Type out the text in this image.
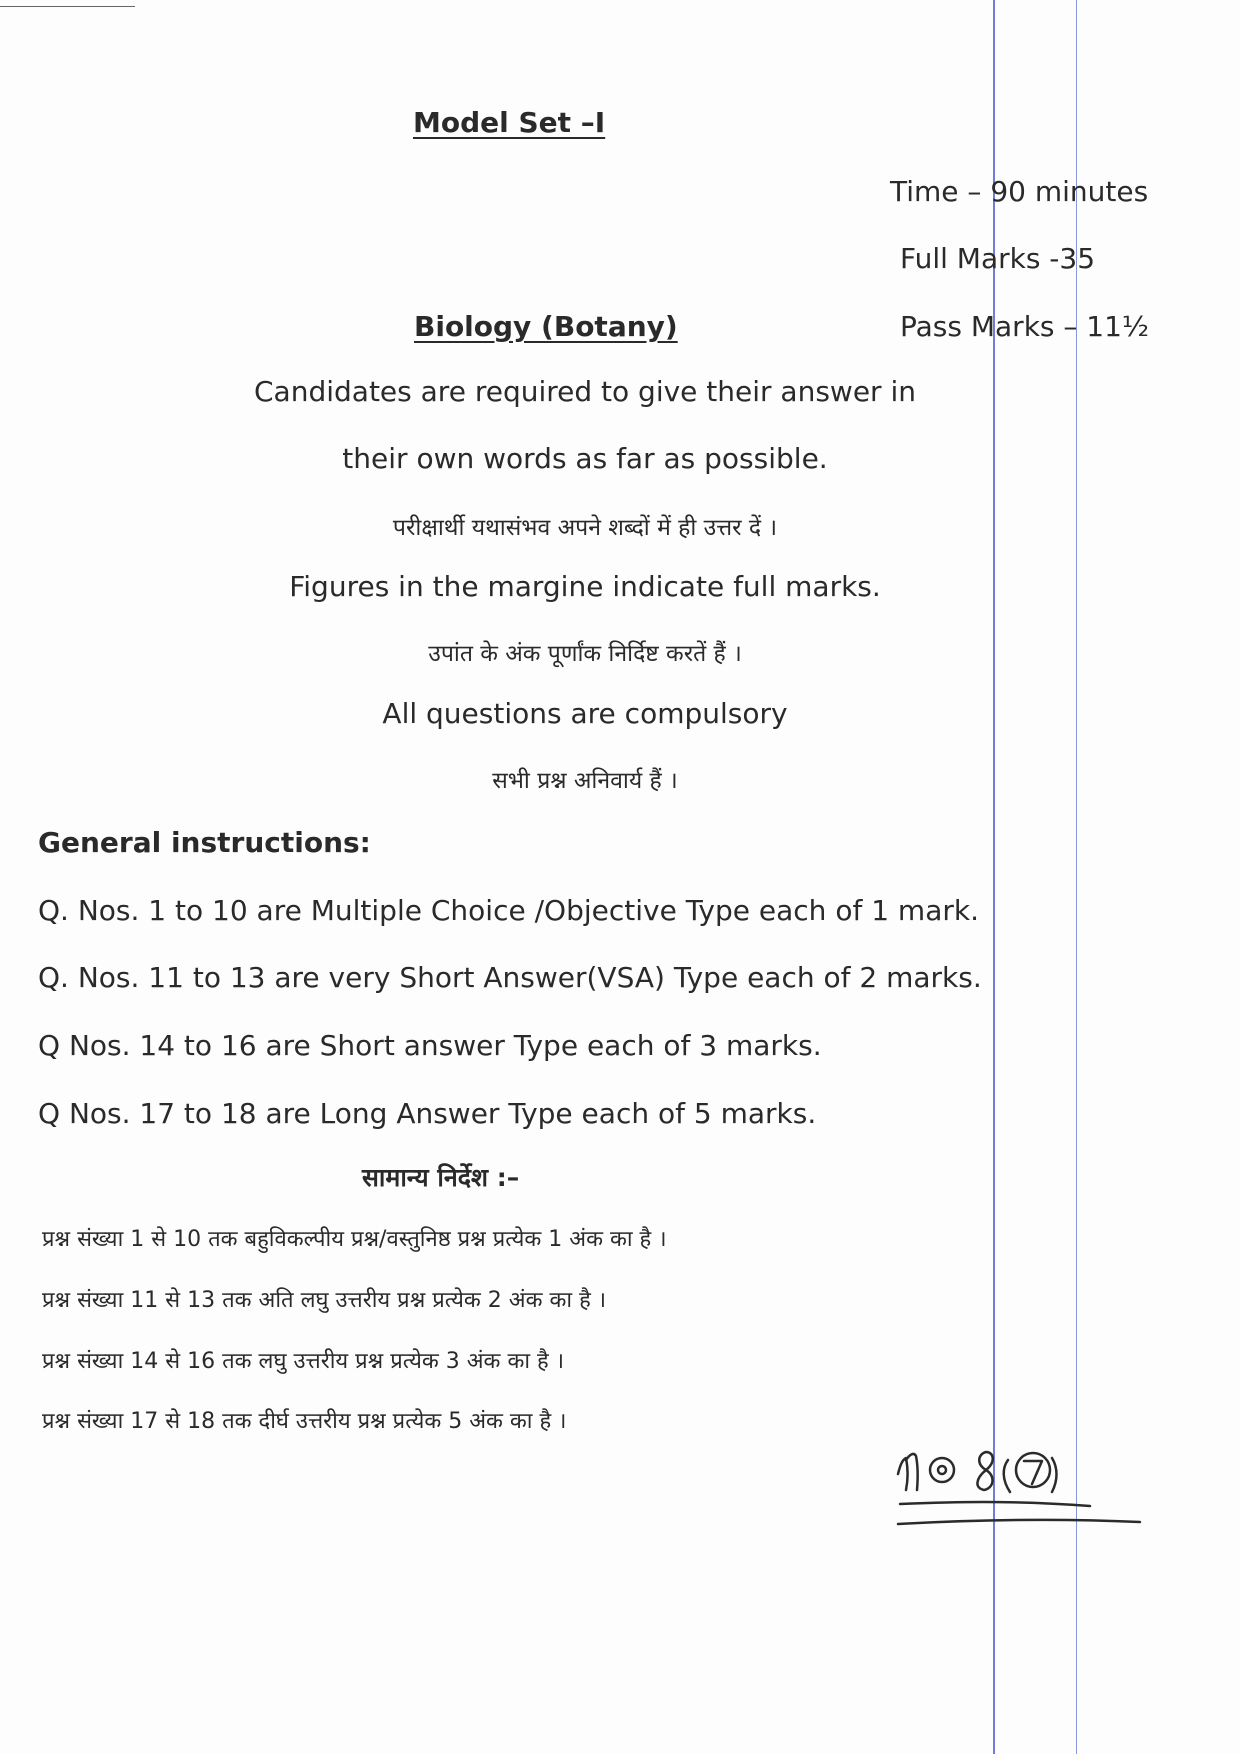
Model Set –I
Time – 90 minutes
Full Marks -35
Pass Marks – 11½
Biology (Botany)
Candidates are required to give their answer in
their own words as far as possible.
परीक्षार्थी यथासंभव अपने शब्दों में ही उत्तर दें ।
Figures in the margine indicate full marks.
उपांत के अंक पूर्णांक निर्दिष्ट करतें हैं ।
All questions are compulsory
सभी प्रश्न अनिवार्य हैं ।
General instructions:
Q. Nos. 1 to 10 are Multiple Choice /Objective Type each of 1 mark.
Q. Nos. 11 to 13 are very Short Answer(VSA) Type each of 2 marks.
Q Nos. 14 to 16 are Short answer Type each of 3 marks.
Q Nos. 17 to 18 are Long Answer Type each of 5 marks.
सामान्य निर्देश :–
प्रश्न संख्या 1 से 10 तक बहुविकल्पीय प्रश्न/वस्तुनिष्ठ प्रश्न प्रत्येक 1 अंक का है ।
प्रश्न संख्या 11 से 13 तक अति लघु उत्तरीय प्रश्न प्रत्येक 2 अंक का है ।
प्रश्न संख्या 14 से 16 तक लघु उत्तरीय प्रश्न प्रत्येक 3 अंक का है ।
प्रश्न संख्या 17 से 18 तक दीर्घ उत्तरीय प्रश्न प्रत्येक 5 अंक का है ।
